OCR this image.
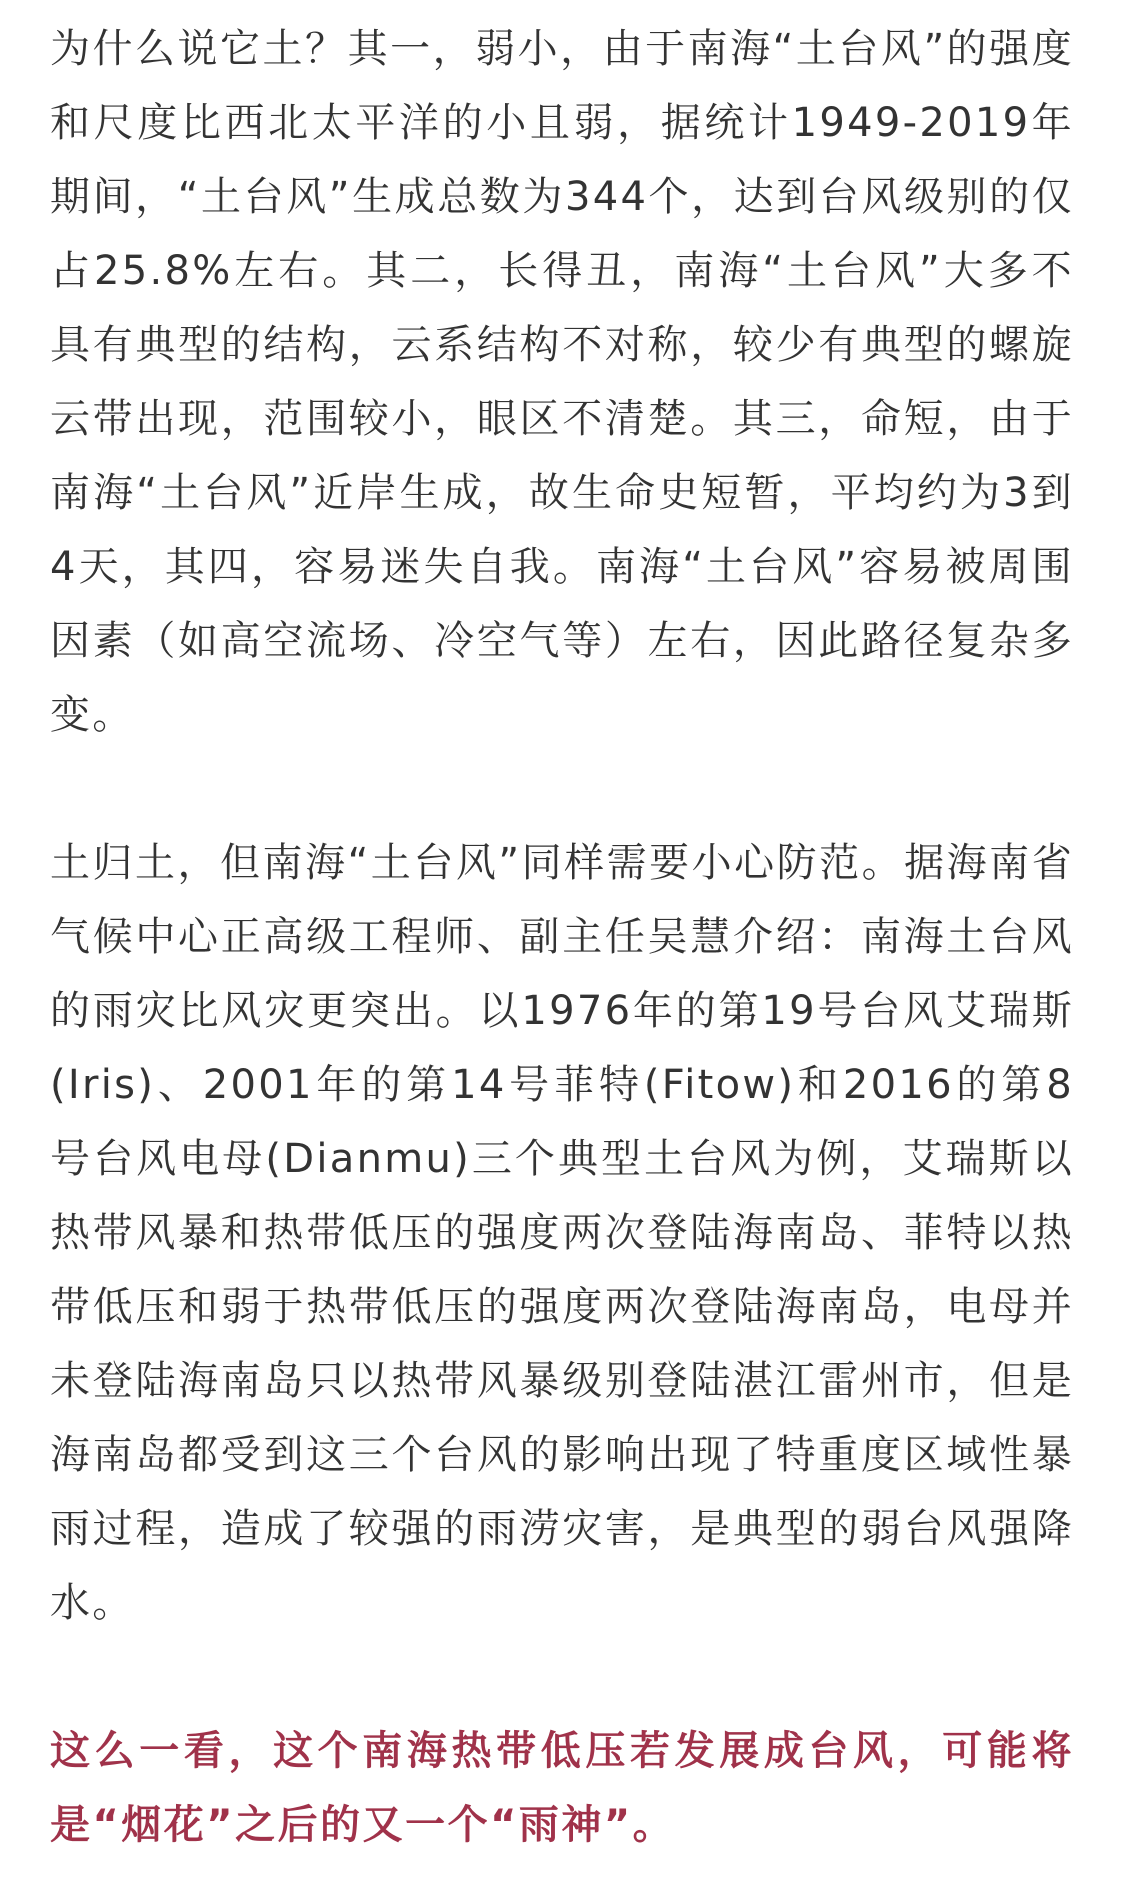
为什么说它土？其一，弱小，由于南海“土台风”的强度和尺度比西北太平洋的小且弱，据统计1949-2019年期间，“土台风”生成总数为344个，达到台风级别的仅占25.8%左右。其二，长得丑，南海“土台风”大多不具有典型的结构，云系结构不对称，较少有典型的螺旋云带出现，范围较小，眼区不清楚。其三，命短，由于南海“土台风”近岸生成，故生命史短暂，平均约为3到4天，其四，容易迷失自我。南海“土台风”容易被周围因素（如高空流场、冷空气等）左右，因此路径复杂多变。

土归土，但南海“土台风”同样需要小心防范。据海南省气候中心正高级工程师、副主任吴慧介绍：南海土台风的雨灾比风灾更突出。以1976年的第19号台风艾瑞斯(Iris)、2001年的第14号菲特(Fitow)和2016的第8号台风电母(Dianmu)三个典型土台风为例，艾瑞斯以热带风暴和热带低压的强度两次登陆海南岛、菲特以热带低压和弱于热带低压的强度两次登陆海南岛，电母并未登陆海南岛只以热带风暴级别登陆湛江雷州市，但是海南岛都受到这三个台风的影响出现了特重度区域性暴雨过程，造成了较强的雨涝灾害，是典型的弱台风强降水。

这么一看，这个南海热带低压若发展成台风，可能将是“烟花”之后的又一个“雨神”。
